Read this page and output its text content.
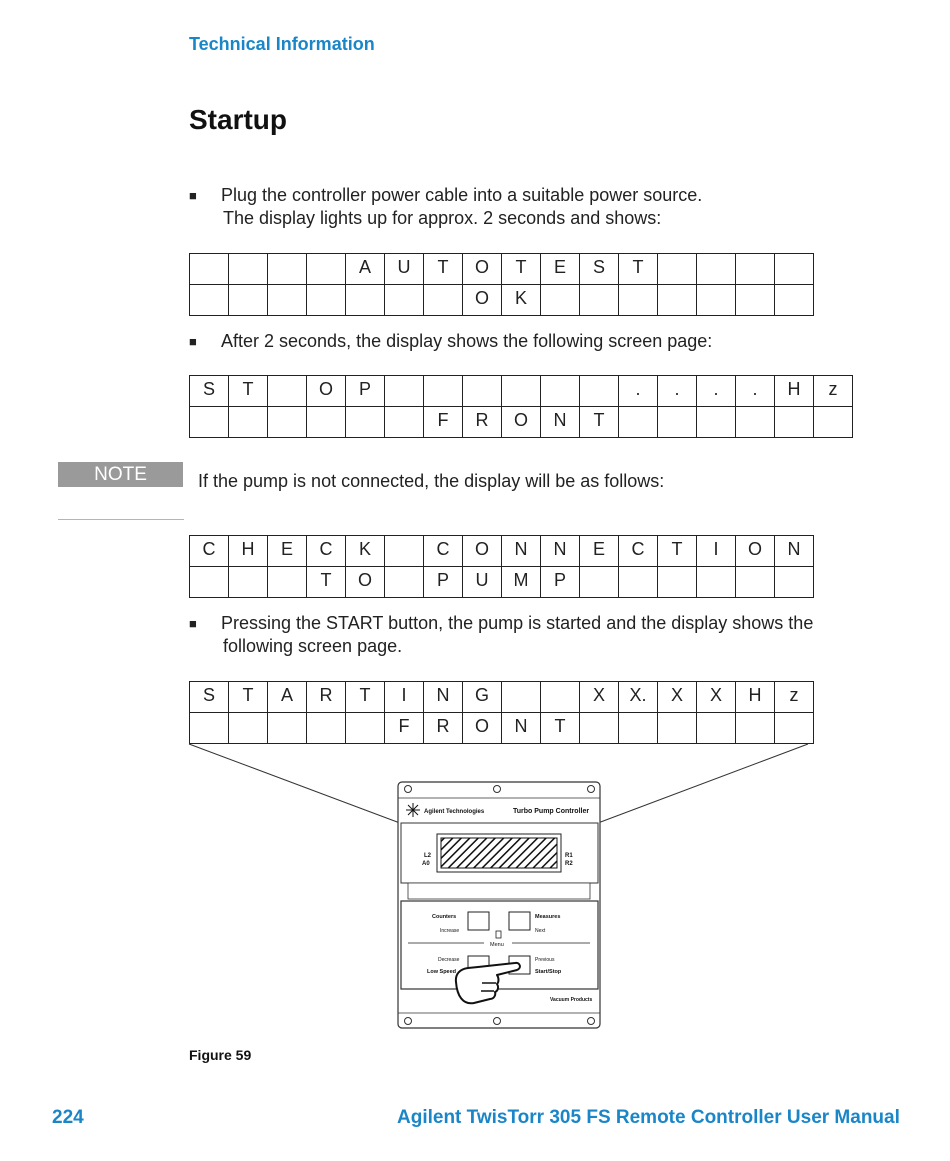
Technical Information
Startup
■ Plug the controller power cable into a suitable power source.
The display lights up for approx. 2 seconds and shows:
				A	U	T	O	T	E	S	T				
							O	K							
■ After 2 seconds, the display shows the following screen page:
S	T		O	P							.	.	.	.	H	z
						F	R	O	N	T						
NOTE	If the pump is not connected, the display will be as follows:
C	H	E	C	K		C	O	N	N	E	C	T	I	O	N
			T	O		P	U	M	P						
■ Pressing the START button, the pump is started and the display shows the
following screen page.
S	T	A	R	T	I	N	G			X	X.	X	X	H	z
					F	R	O	N	T						
Agilent Technologies	Turbo Pump Controller
L2
A0
R1
R2
Counters
Increase
Measures
Next
Menu
Decrease
Low Speed
Previous
Start/Stop
Vacuum Products
Figure 59
224	Agilent TwisTorr 305 FS Remote Controller User Manual
